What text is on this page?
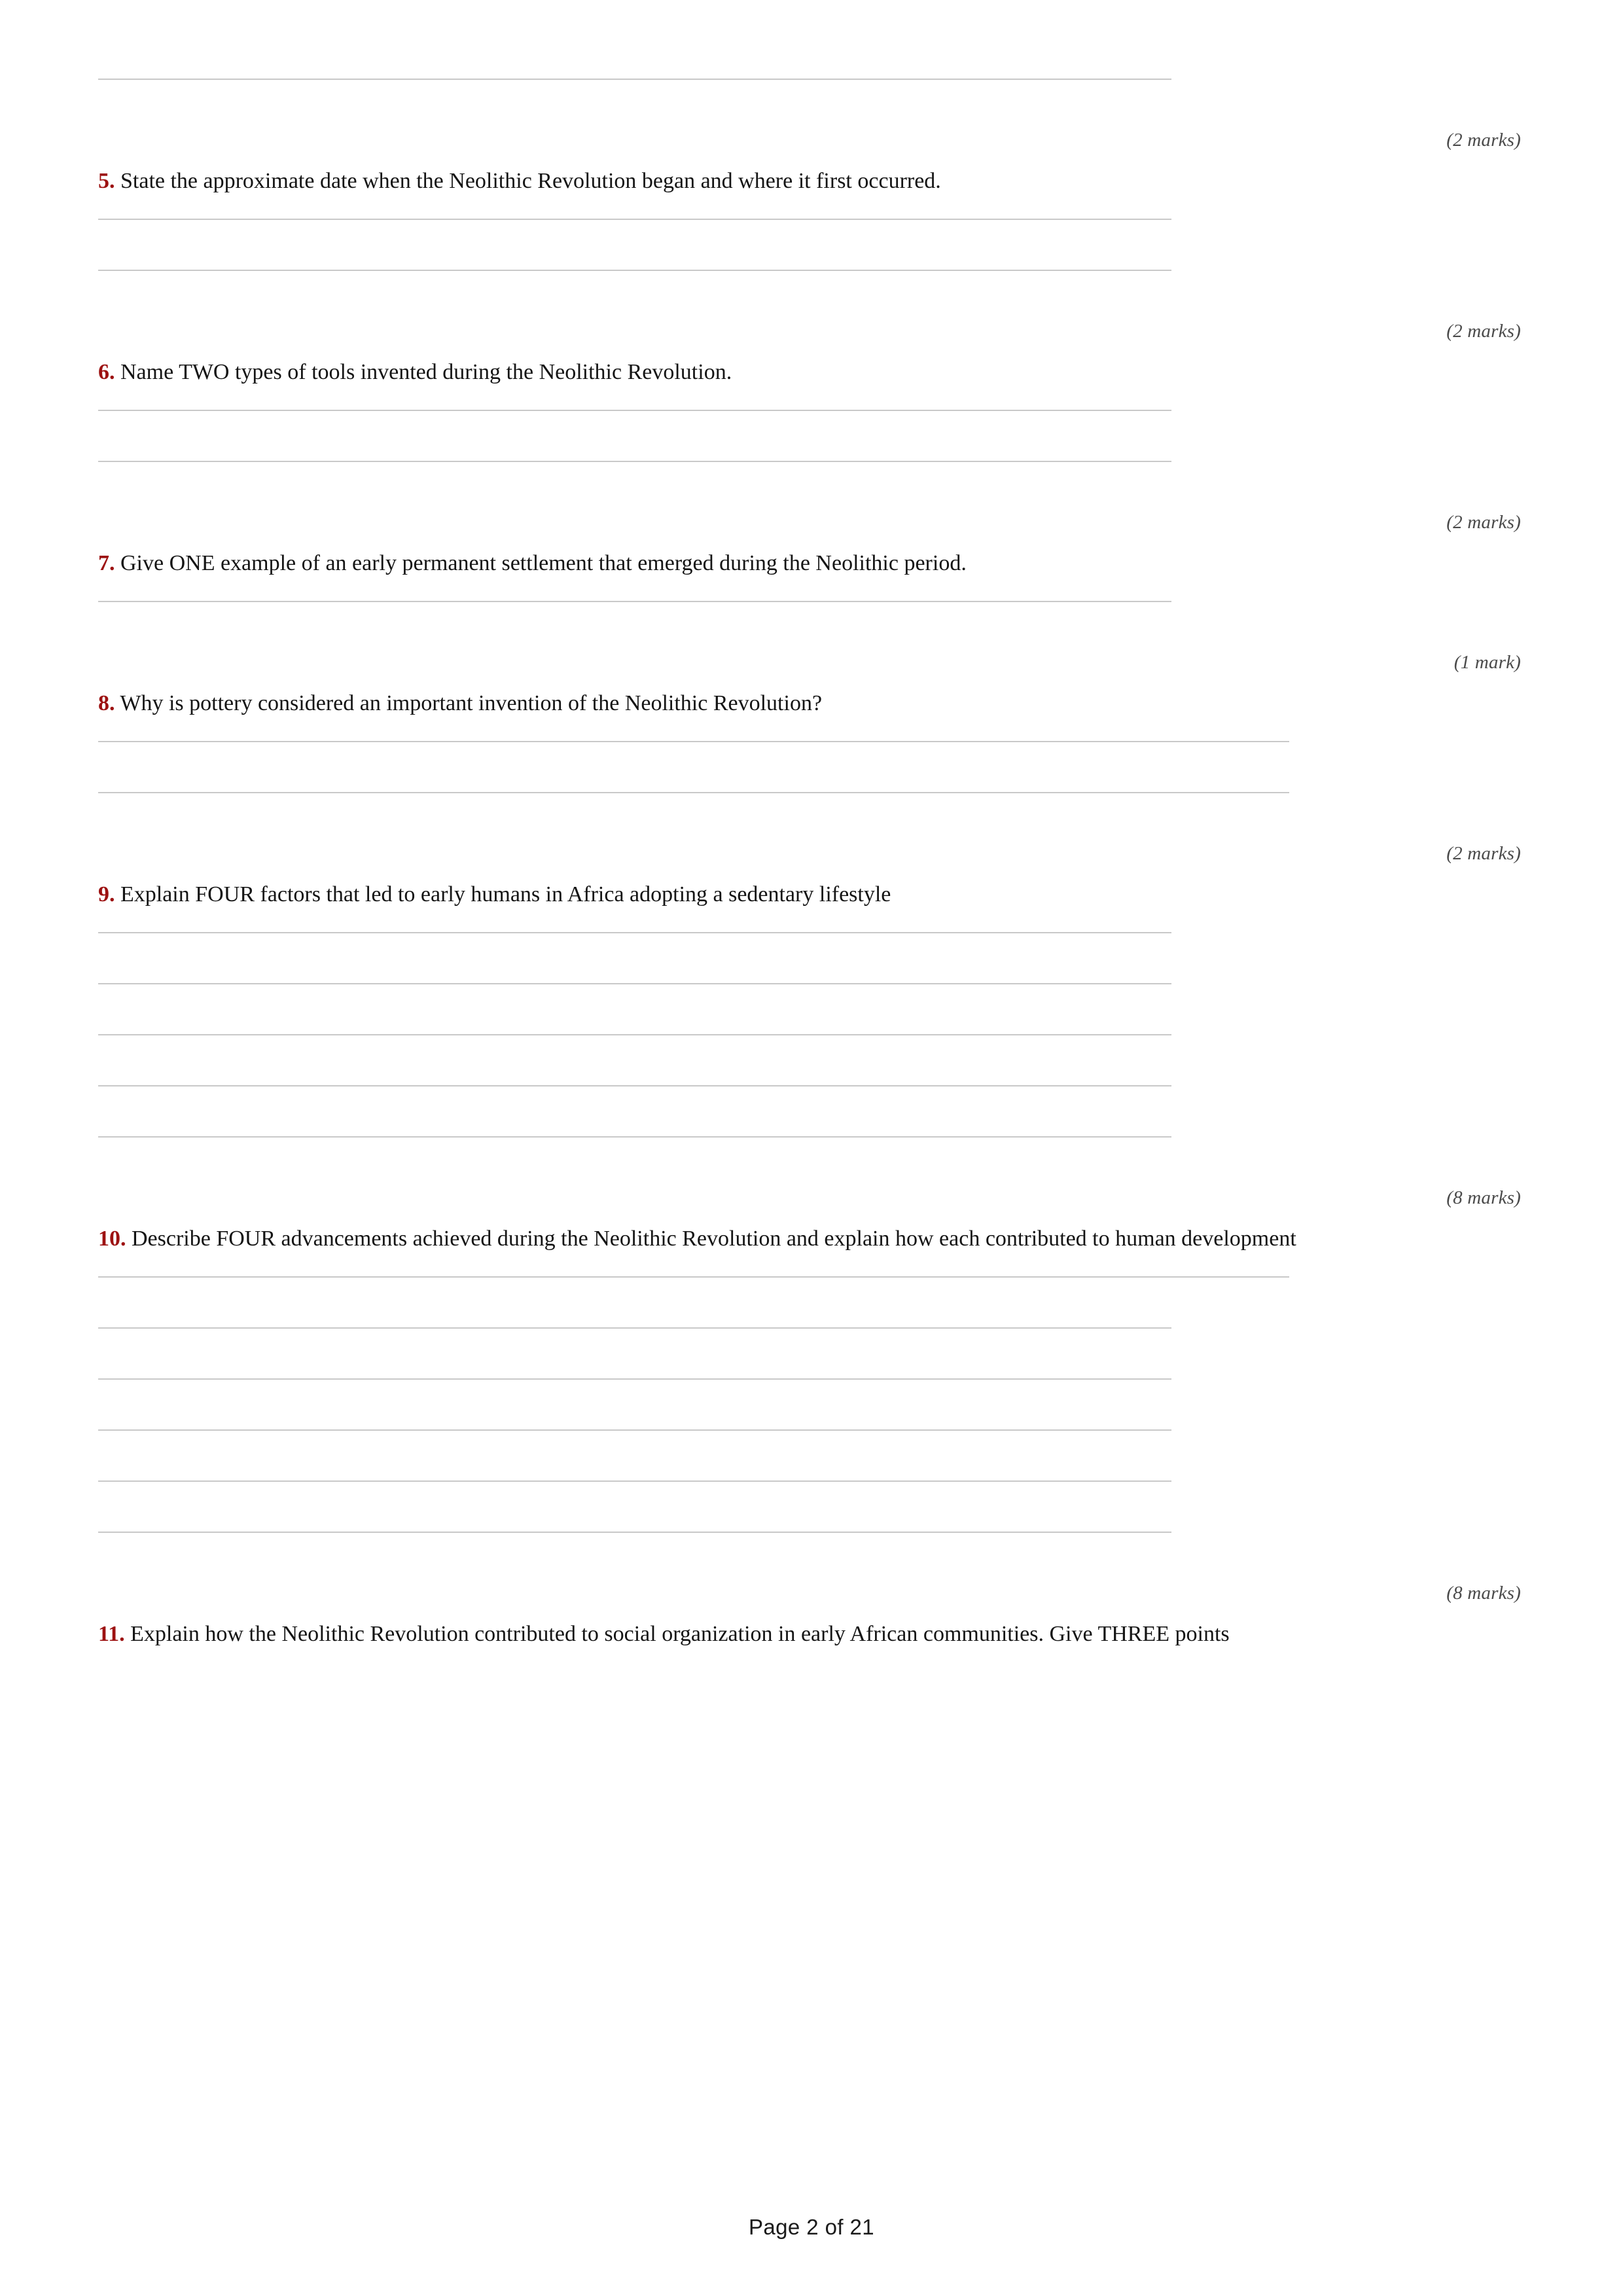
(2 marks)

5. State the approximate date when the Neolithic Revolution began and where it first occurred.

(2 marks)

6. Name TWO types of tools invented during the Neolithic Revolution.

(2 marks)

7. Give ONE example of an early permanent settlement that emerged during the Neolithic period.

(1 mark)

8. Why is pottery considered an important invention of the Neolithic Revolution?

(2 marks)

9. Explain FOUR factors that led to early humans in Africa adopting a sedentary lifestyle

(8 marks)

10. Describe FOUR advancements achieved during the Neolithic Revolution and explain how each contributed to human development

(8 marks)

11. Explain how the Neolithic Revolution contributed to social organization in early African communities. Give THREE points

Page 2 of 21
